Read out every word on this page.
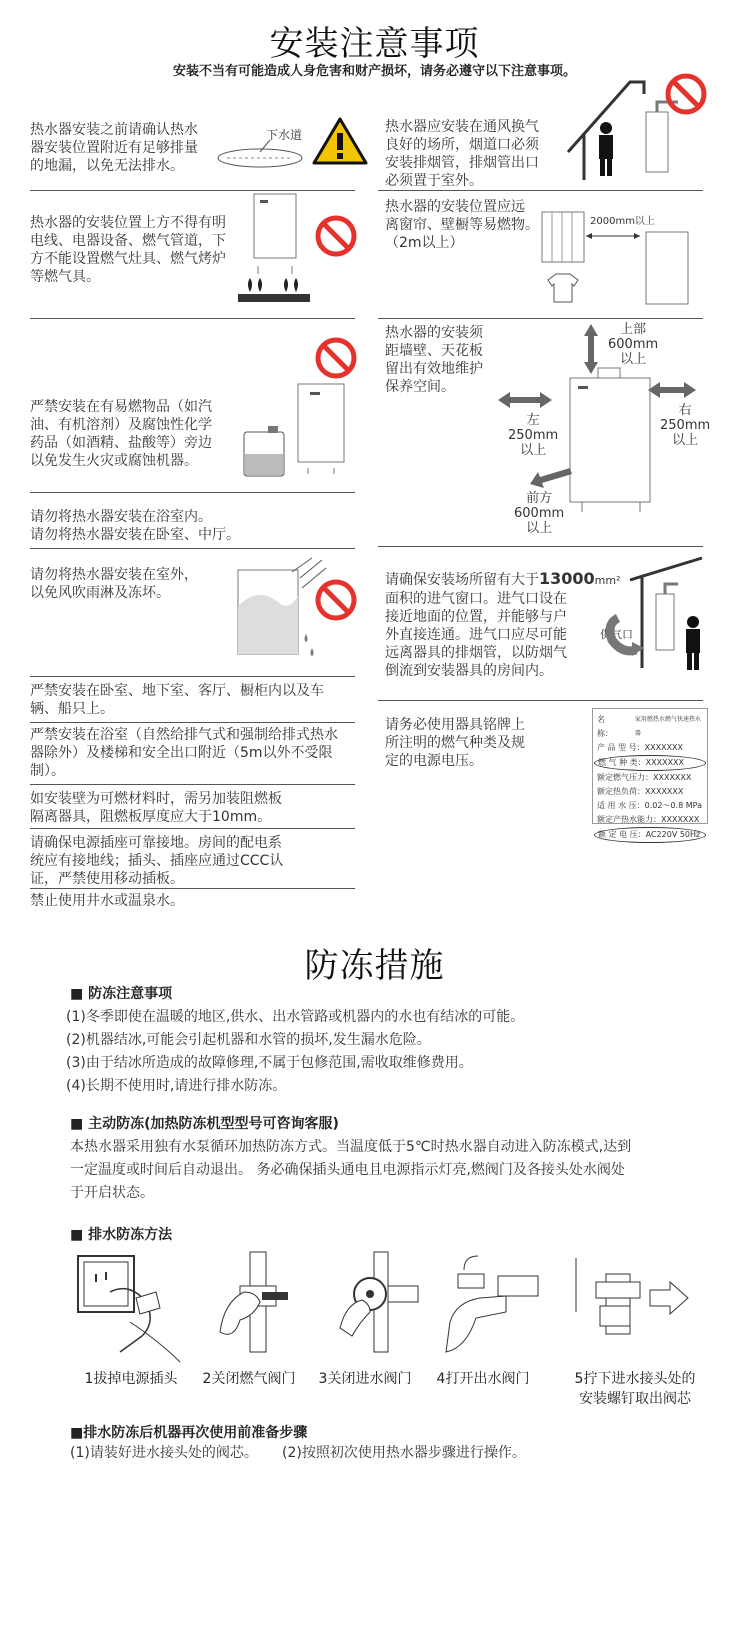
安装注意事项
安装不当有可能造成人身危害和财产损坏，请务必遵守以下注意事项。
热水器安装之前请确认热水
器安装位置附近有足够排量
的地漏，以免无法排水。
下水道
热水器的安装位置上方不得有明
电线、电器设备、燃气管道，下
方不能设置燃气灶具、燃气烤炉
等燃气具。
严禁安装在有易燃物品（如汽
油、有机溶剂）及腐蚀性化学
药品（如酒精、盐酸等）旁边
以免发生火灾或腐蚀机器。
请勿将热水器安装在浴室内。
请勿将热水器安装在卧室、中厅。
请勿将热水器安装在室外，
以免风吹雨淋及冻坏。
严禁安装在卧室、地下室、客厅、橱柜内以及车
辆、船只上。
严禁安装在浴室（自然给排气式和强制给排式热水
器除外）及楼梯和安全出口附近（5m以外不受限
制）。
如安装壁为可燃材料时，需另加装阻燃板
隔离器具，阻燃板厚度应大于10mm。
请确保电源插座可靠接地。房间的配电系
统应有接地线；插头、插座应通过CCC认
证，严禁使用移动插板。
禁止使用井水或温泉水。
热水器应安装在通风换气
良好的场所，烟道口必须
安装排烟管，排烟管出口
必须置于室外。
热水器的安装位置应远
离窗帘、壁橱等易燃物。
（2m以上）
2000mm以上
热水器的安装须
距墙壁、天花板
留出有效地维护
保养空间。
上部
600mm
以上
左
250mm
以上
右
250mm
以上
前方
600mm
以上
请确保安装场所留有大于13000mm²
面积的进气窗口。进气口设在
接近地面的位置，并能够与户
外直接连通。进气口应尽可能
远离器具的排烟管，以防烟气
倒流到安装器具的房间内。
供气口
请务必使用器具铭牌上
所注明的燃气种类及规
定的电源电压。
名　　称：
家用燃热水燃气快速热水器
产 品 型 号： XXXXXXX
燃 气 种 类： XXXXXXX
额定燃气压力： XXXXXXX
额定热负荷： XXXXXXX
适 用 水 压： 0.02～0.8 MPa
额定产热水能力： XXXXXXX
额 定 电 压： AC220V 50Hz
防冻措施
■ 防冻注意事项
(1)冬季即使在温暖的地区,供水、出水管路或机器内的水也有结冰的可能。
(2)机器结冰,可能会引起机器和水管的损坏,发生漏水危险。
(3)由于结冰所造成的故障修理,不属于包修范围,需收取维修费用。
(4)长期不使用时,请进行排水防冻。
■ 主动防冻(加热防冻机型型号可咨询客服)
本热水器采用独有水泵循环加热防冻方式。当温度低于5℃时热水器自动进入防冻模式,达到
一定温度或时间后自动退出。 务必确保插头通电且电源指示灯亮,燃阀门及各接头处水阀处
于开启状态。
■ 排水防冻方法
1拔掉电源插头	2关闭燃气阀门	3关闭进水阀门	4打开出水阀门	5拧下进水接头处的
安装螺钉取出阀芯
■排水防冻后机器再次使用前准备步骤
(1)请装好进水接头处的阀芯。 (2)按照初次使用热水器步骤进行操作。
